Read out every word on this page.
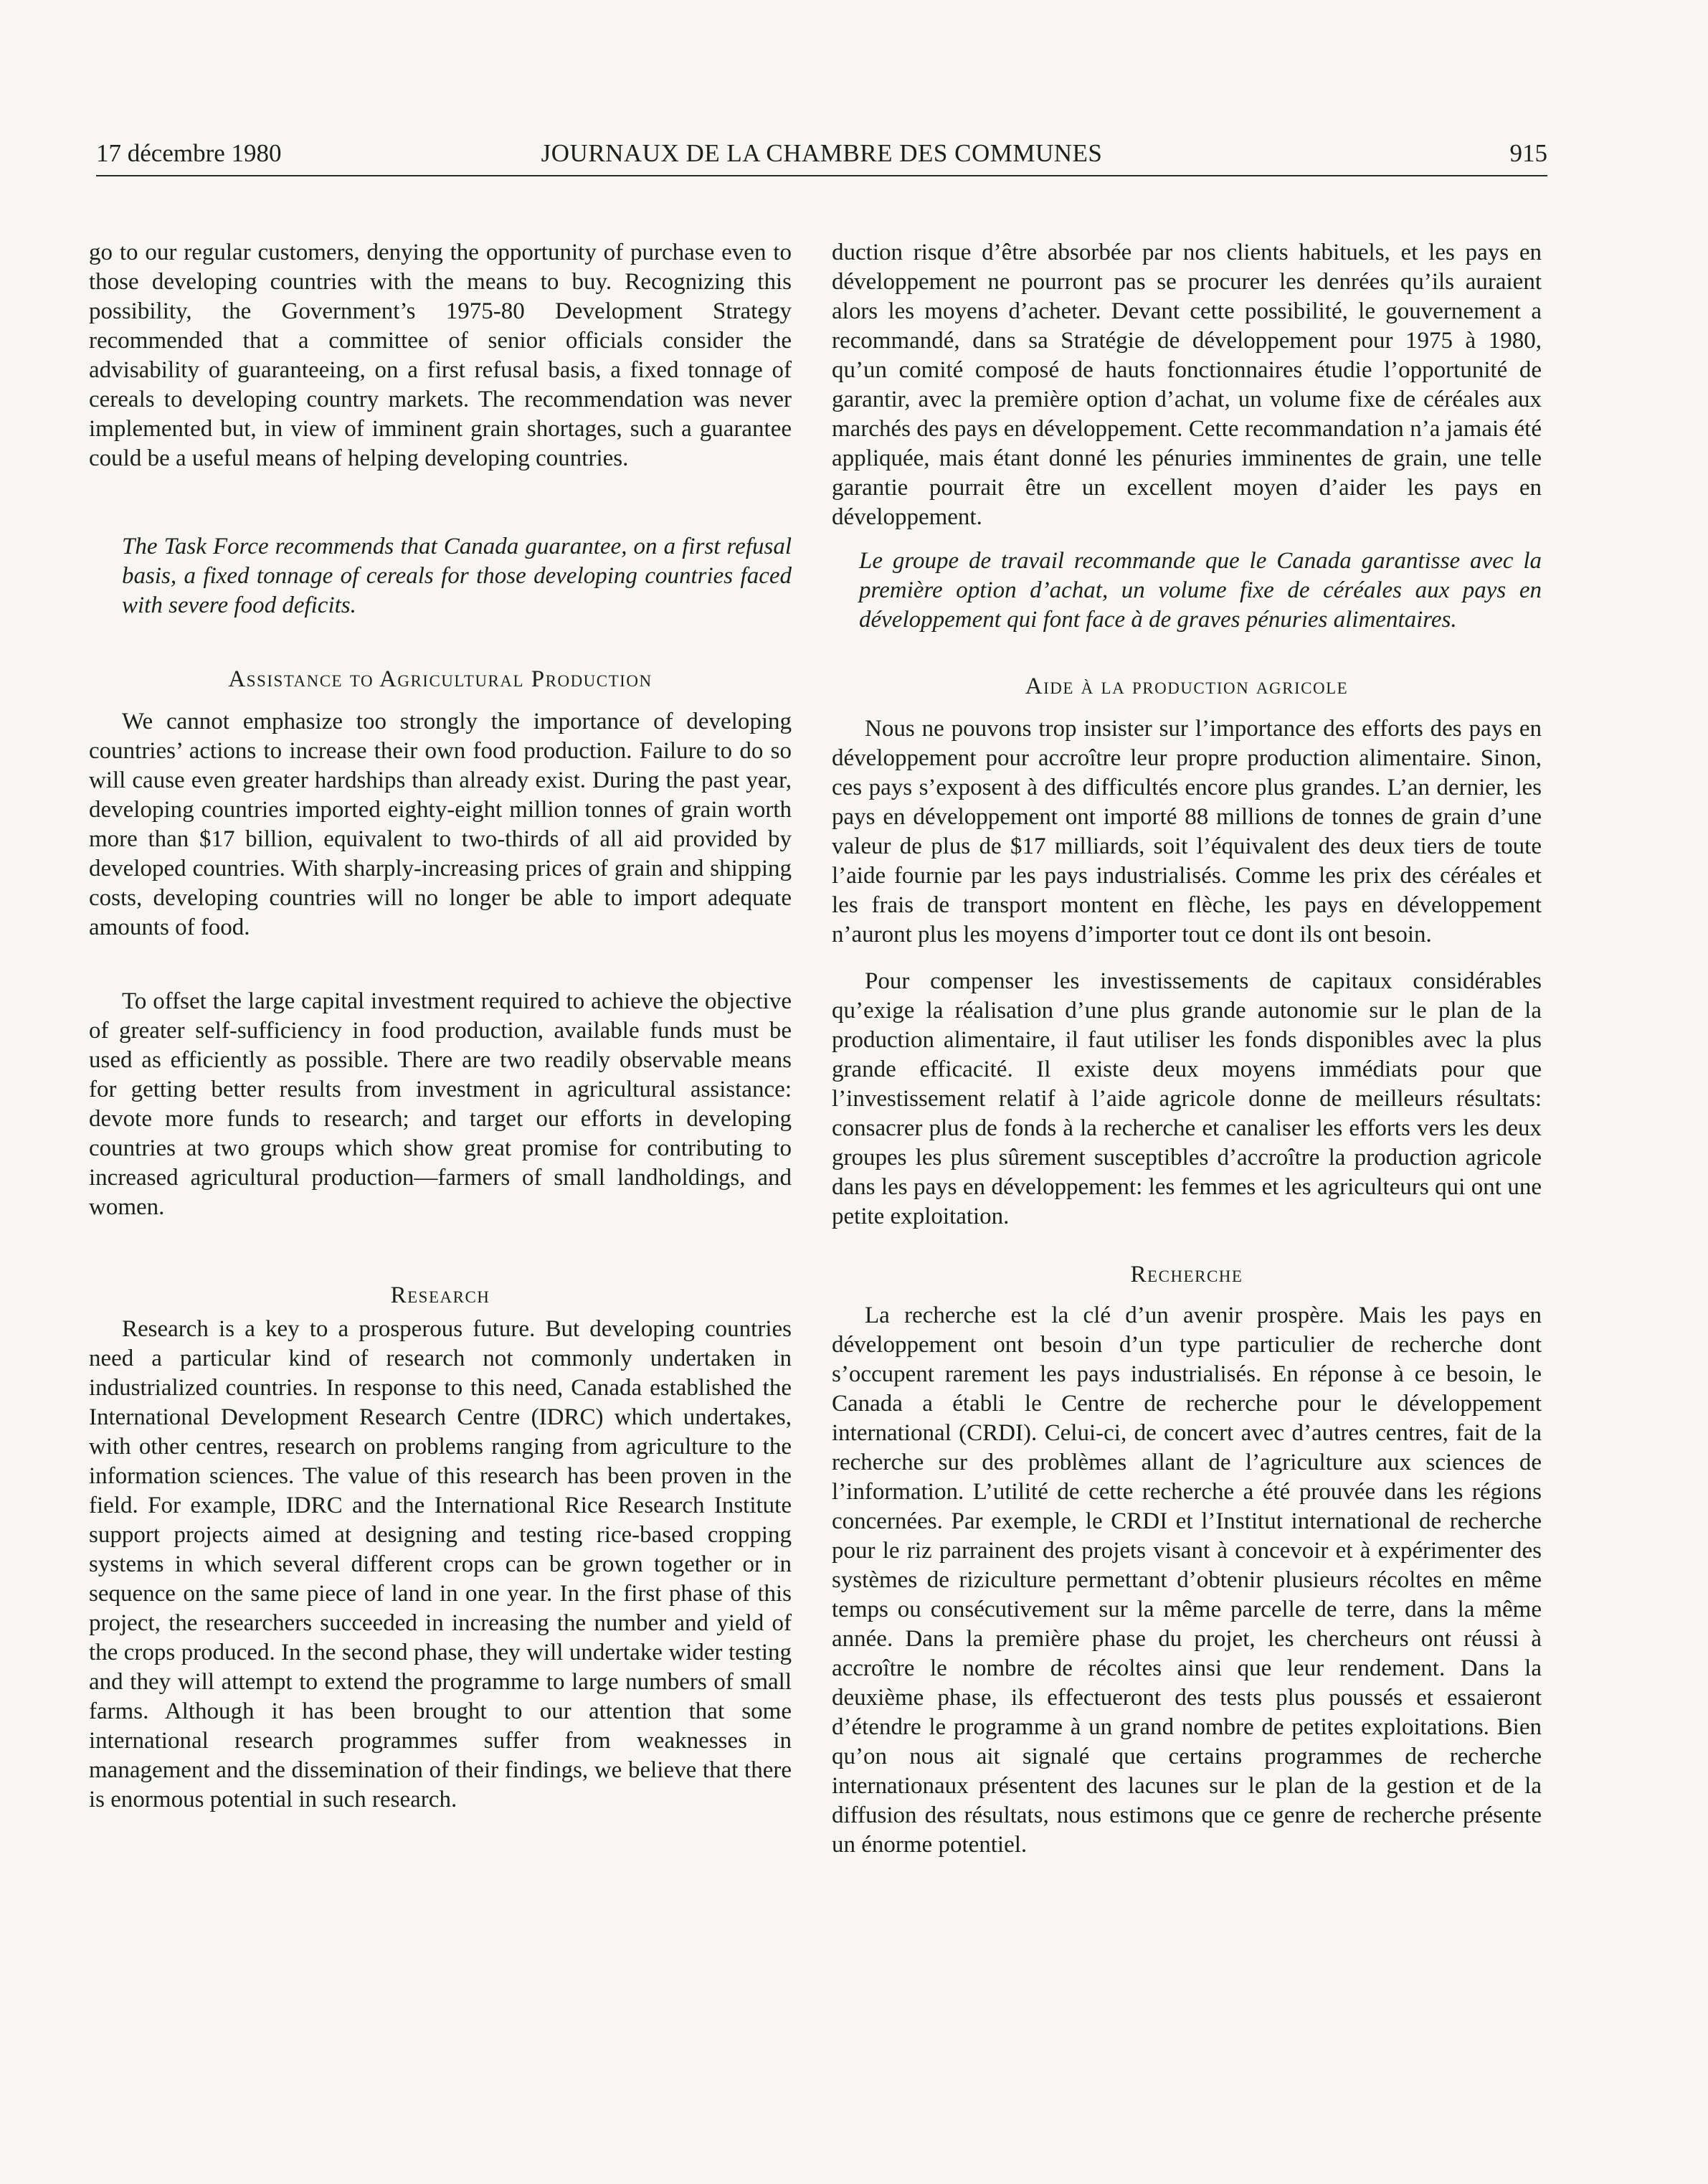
17 décembre 1980	JOURNAUX DE LA CHAMBRE DES COMMUNES	915

go to our regular customers, denying the opportunity of purchase even to those developing countries with the means to buy. Recognizing this possibility, the Government’s 1975-80 Development Strategy recommended that a committee of senior officials consider the advisability of guaranteeing, on a first refusal basis, a fixed tonnage of cereals to developing country markets. The recommendation was never implemented but, in view of imminent grain shortages, such a guarantee could be a useful means of helping developing countries.

The Task Force recommends that Canada guarantee, on a first refusal basis, a fixed tonnage of cereals for those developing countries faced with severe food deficits.

Assistance to Agricultural Production

We cannot emphasize too strongly the importance of developing countries’ actions to increase their own food production. Failure to do so will cause even greater hardships than already exist. During the past year, developing countries imported eighty-eight million tonnes of grain worth more than $17 billion, equivalent to two-thirds of all aid provided by developed countries. With sharply-increasing prices of grain and shipping costs, developing countries will no longer be able to import adequate amounts of food.

To offset the large capital investment required to achieve the objective of greater self-sufficiency in food production, available funds must be used as efficiently as possible. There are two readily observable means for getting better results from investment in agricultural assistance: devote more funds to research; and target our efforts in developing countries at two groups which show great promise for contributing to increased agricultural production—farmers of small landholdings, and women.

Research

Research is a key to a prosperous future. But developing countries need a particular kind of research not commonly undertaken in industrialized countries. In response to this need, Canada established the International Development Research Centre (IDRC) which undertakes, with other centres, research on problems ranging from agriculture to the information sciences. The value of this research has been proven in the field. For example, IDRC and the International Rice Research Institute support projects aimed at designing and testing rice-based cropping systems in which several different crops can be grown together or in sequence on the same piece of land in one year. In the first phase of this project, the researchers succeeded in increasing the number and yield of the crops produced. In the second phase, they will undertake wider testing and they will attempt to extend the programme to large numbers of small farms. Although it has been brought to our attention that some international research programmes suffer from weaknesses in management and the dissemination of their findings, we believe that there is enormous potential in such research.

duction risque d’être absorbée par nos clients habituels, et les pays en développement ne pourront pas se procurer les denrées qu’ils auraient alors les moyens d’acheter. Devant cette possibilité, le gouvernement a recommandé, dans sa Stratégie de développement pour 1975 à 1980, qu’un comité composé de hauts fonctionnaires étudie l’opportunité de garantir, avec la première option d’achat, un volume fixe de céréales aux marchés des pays en développement. Cette recommandation n’a jamais été appliquée, mais étant donné les pénuries imminentes de grain, une telle garantie pourrait être un excellent moyen d’aider les pays en développement.

Le groupe de travail recommande que le Canada garantisse avec la première option d’achat, un volume fixe de céréales aux pays en développement qui font face à de graves pénuries alimentaires.

Aide à la production agricole

Nous ne pouvons trop insister sur l’importance des efforts des pays en développement pour accroître leur propre production alimentaire. Sinon, ces pays s’exposent à des difficultés encore plus grandes. L’an dernier, les pays en développement ont importé 88 millions de tonnes de grain d’une valeur de plus de $17 milliards, soit l’équivalent des deux tiers de toute l’aide fournie par les pays industrialisés. Comme les prix des céréales et les frais de transport montent en flèche, les pays en développement n’auront plus les moyens d’importer tout ce dont ils ont besoin.

Pour compenser les investissements de capitaux considérables qu’exige la réalisation d’une plus grande autonomie sur le plan de la production alimentaire, il faut utiliser les fonds disponibles avec la plus grande efficacité. Il existe deux moyens immédiats pour que l’investissement relatif à l’aide agricole donne de meilleurs résultats: consacrer plus de fonds à la recherche et canaliser les efforts vers les deux groupes les plus sûrement susceptibles d’accroître la production agricole dans les pays en développement: les femmes et les agriculteurs qui ont une petite exploitation.

Recherche

La recherche est la clé d’un avenir prospère. Mais les pays en développement ont besoin d’un type particulier de recherche dont s’occupent rarement les pays industrialisés. En réponse à ce besoin, le Canada a établi le Centre de recherche pour le développement international (CRDI). Celui-ci, de concert avec d’autres centres, fait de la recherche sur des problèmes allant de l’agriculture aux sciences de l’information. L’utilité de cette recherche a été prouvée dans les régions concernées. Par exemple, le CRDI et l’Institut international de recherche pour le riz parrainent des projets visant à concevoir et à expérimenter des systèmes de riziculture permettant d’obtenir plusieurs récoltes en même temps ou consécutivement sur la même parcelle de terre, dans la même année. Dans la première phase du projet, les chercheurs ont réussi à accroître le nombre de récoltes ainsi que leur rendement. Dans la deuxième phase, ils effectueront des tests plus poussés et essaieront d’étendre le programme à un grand nombre de petites exploitations. Bien qu’on nous ait signalé que certains programmes de recherche internationaux présentent des lacunes sur le plan de la gestion et de la diffusion des résultats, nous estimons que ce genre de recherche présente un énorme potentiel.
